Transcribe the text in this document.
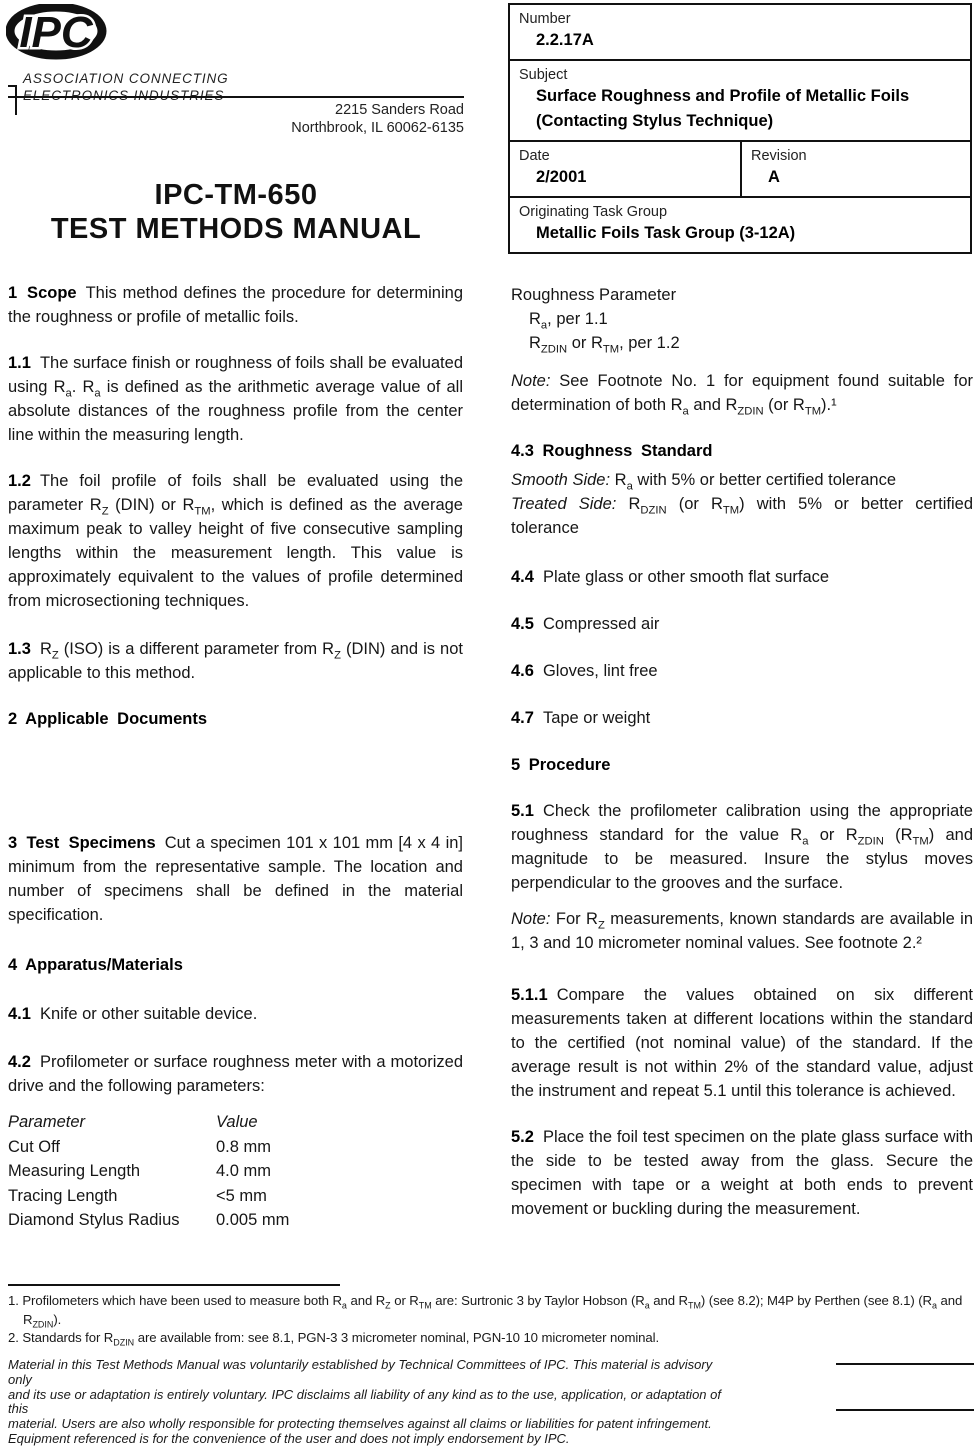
IPC
ASSOCIATION CONNECTING
ELECTRONICS INDUSTRIES
2215 Sanders Road
Northbrook, IL 60062-6135
IPC-TM-650
TEST METHODS MANUAL
Number
2.2.17A
Subject
Surface Roughness and Profile of Metallic Foils
(Contacting Stylus Technique)
Date
2/2001
Revision
A
Originating Task Group
Metallic Foils Task Group (3-12A)

1 Scope This method defines the procedure for determining the roughness or profile of metallic foils.

1.1 The surface finish or roughness of foils shall be evaluated using $R_a$. $R_a$ is defined as the arithmetic average value of all absolute distances of the roughness profile from the center line within the measuring length.

1.2 The foil profile of foils shall be evaluated using the parameter $R_Z$ (DIN) or $R_{TM}$, which is defined as the average maximum peak to valley height of five consecutive sampling lengths within the measurement length. This value is approximately equivalent to the values of profile determined from microsectioning techniques.

1.3 $R_Z$ (ISO) is a different parameter from $R_Z$ (DIN) and is not applicable to this method.

2 Applicable Documents

3 Test Specimens Cut a specimen 101 x 101 mm [4 x 4 in] minimum from the representative sample. The location and number of specimens shall be defined in the material specification.

4 Apparatus/Materials

4.1 Knife or other suitable device.

4.2 Profilometer or surface roughness meter with a motorized drive and the following parameters:

Parameter	Value
Cut Off	0.8 mm
Measuring Length	4.0 mm
Tracing Length	<5 mm
Diamond Stylus Radius 0.005 mm
Roughness Parameter
$R_a$, per 1.1
$R_{ZDIN}$ or $R_{TM}$, per 1.2

Note: See Footnote No. 1 for equipment found suitable for determination of both $R_a$ and $R_{ZDIN}$ (or $R_{TM}).^1$

4.3 Roughness Standard

Smooth Side: $R_a$ with 5% or better certified tolerance
Treated Side: $R_{DZIN}$ (or $R_{TM}$) with 5% or better certified tolerance

4.4 Plate glass or other smooth flat surface

4.5 Compressed air

4.6 Gloves, lint free

4.7 Tape or weight

5 Procedure

5.1 Check the profilometer calibration using the appropriate roughness standard for the value $R_a$ or $R_{ZDIN}$ $(R_{TM})$ and magnitude to be measured. Insure the stylus moves perpendicular to the grooves and the surface.

Note: For $R_Z$ measurements, known standards are available in 1, 3 and 10 micrometer nominal values. See footnote 2.²

5.1.1 Compare the values obtained on six different measurements taken at different locations within the standard to the certified (not nominal value) of the standard. If the average result is not within 2% of the standard value, adjust the instrument and repeat 5.1 until this tolerance is achieved.

5.2 Place the foil test specimen on the plate glass surface with the side to be tested away from the glass. Secure the specimen with tape or a weight at both ends to prevent movement or buckling during the measurement.

1. Profilometers which have been used to measure both $R_a$ and $R_Z$ or $R_{TM}$ are: Surtronic 3 by Taylor Hobson ($R_a$ and $R_{TM}$) (see 8.2); M4P by Perthen (see 8.1) ($R_a$ and $R_{ZDIN}$).
2. Standards for $R_{DZIN}$ are available from: see 8.1, PGN-3 3 micrometer nominal, PGN-10 10 micrometer nominal.
Material in this Test Methods Manual was voluntarily established by Technical Committees of IPC. This material is advisory only
and its use or adaptation is entirely voluntary. IPC disclaims all liability of any kind as to the use, application, or adaptation of this
material. Users are also wholly responsible for protecting themselves against all claims or liabilities for patent infringement.
Equipment referenced is for the convenience of the user and does not imply endorsement by IPC.
